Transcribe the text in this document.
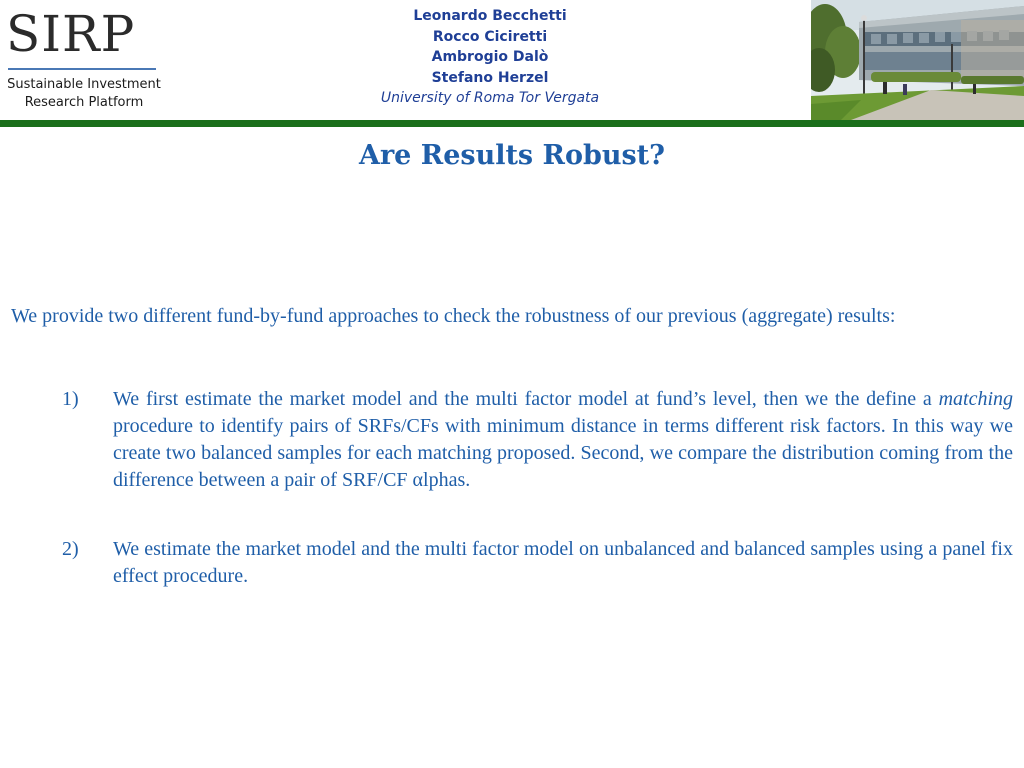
SIRP
Sustainable Investment
Research Platform
Leonardo Becchetti
Rocco Ciciretti
Ambrogio Dalò
Stefano Herzel
University of Roma Tor Vergata
Are Results Robust?

We provide two different fund-by-fund approaches to check the robustness of our previous (aggregate) results:

1) We first estimate the market model and the multi factor model at fund’s level, then we the define a matching procedure to identify pairs of SRFs/CFs with minimum distance in terms different risk factors. In this way we create two balanced samples for each matching proposed. Second, we compare the distribution coming from the difference between a pair of SRF/CF αlphas.
2) We estimate the market model and the multi factor model on unbalanced and balanced samples using a panel fix effect procedure.
